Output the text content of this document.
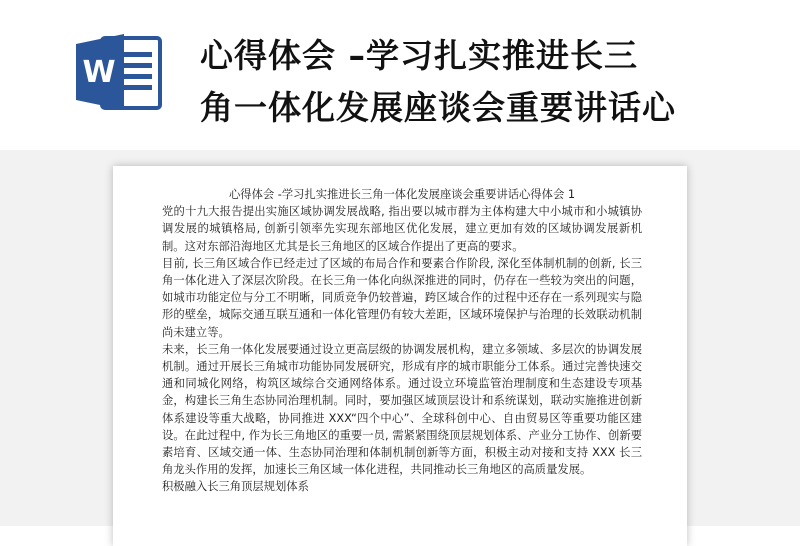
W	心得体会 –学习扎实推进长三
角一体化发展座谈会重要讲话心

心得体会 -学习扎实推进长三角一体化发展座谈会重要讲话心得体会 1

党的十九大报告提出实施区域协调发展战略, 指出要以城市群为主体构建大中小城市和小城镇协调发展的城镇格局, 创新引领率先实现东部地区优化发展，建立更加有效的区域协调发展新机制。这对东部沿海地区尤其是长三角地区的区域合作提出了更高的要求。

目前, 长三角区域合作已经走过了区域的布局合作和要素合作阶段, 深化至体制机制的创新, 长三角一体化进入了深层次阶段。在长三角一体化向纵深推进的同时，仍存在一些较为突出的问题，如城市功能定位与分工不明晰，同质竞争仍较普遍，跨区域合作的过程中还存在一系列现实与隐形的壁垒，城际交通互联互通和一体化管理仍有较大差距，区域环境保护与治理的长效联动机制尚未建立等。

未来，长三角一体化发展要通过设立更高层级的协调发展机构，建立多领域、多层次的协调发展机制。通过开展长三角城市功能协同发展研究，形成有序的城市职能分工体系。通过完善快速交通和同城化网络，构筑区域综合交通网络体系。通过设立环境监管治理制度和生态建设专项基金，构建长三角生态协同治理机制。同时，要加强区域顶层设计和系统谋划，联动实施推进创新体系建设等重大战略，协同推进 XXX“四个中心”、全球科创中心、自由贸易区等重要功能区建设。在此过程中, 作为长三角地区的重要一员, 需紧紧围绕顶层规划体系、产业分工协作、创新要素培育、区域交通一体、生态协同治理和体制机制创新等方面，积极主动对接和支持 XXX 长三角龙头作用的发挥，加速长三角区域一体化进程，共同推动长三角地区的高质量发展。

积极融入长三角顶层规划体系
